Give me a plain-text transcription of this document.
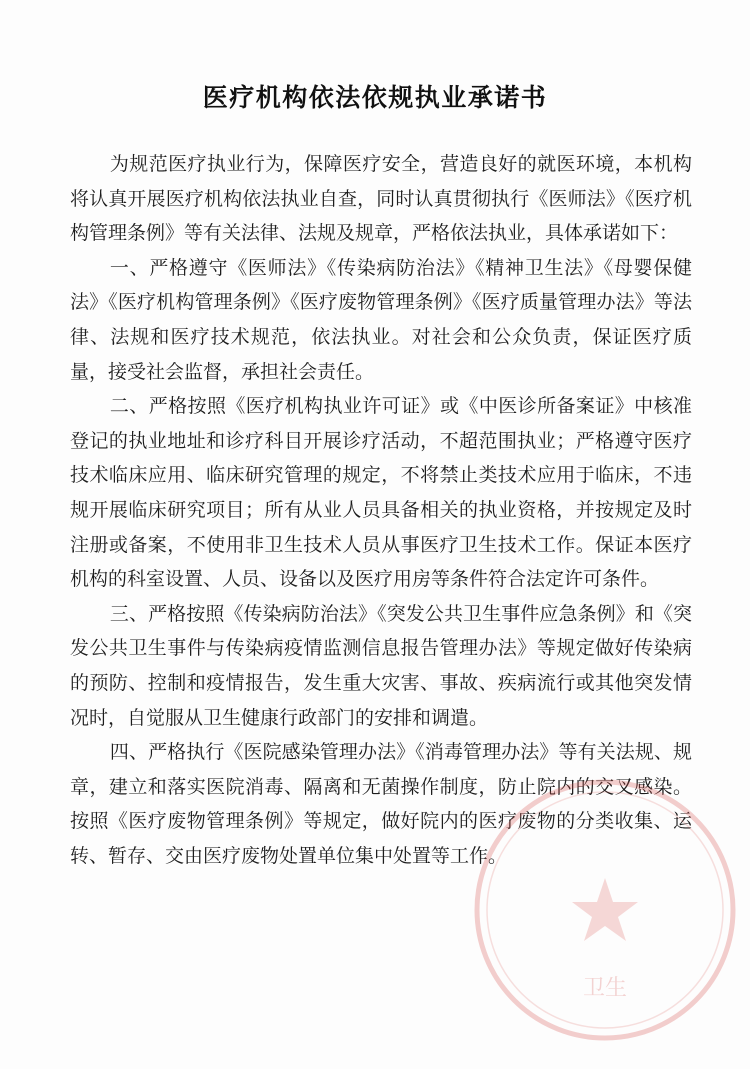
医疗机构依法依规执业承诺书

为规范医疗执业行为，保障医疗安全，营造良好的就医环境，本机构将认真开展医疗机构依法执业自查，同时认真贯彻执行《医师法》《医疗机构管理条例》等有关法律、法规及规章，严格依法执业，具体承诺如下：

一、严格遵守《医师法》《传染病防治法》《精神卫生法》《母婴保健法》《医疗机构管理条例》《医疗废物管理条例》《医疗质量管理办法》等法律、法规和医疗技术规范，依法执业。对社会和公众负责，保证医疗质量，接受社会监督，承担社会责任。

二、严格按照《医疗机构执业许可证》或《中医诊所备案证》中核准登记的执业地址和诊疗科目开展诊疗活动，不超范围执业；严格遵守医疗技术临床应用、临床研究管理的规定，不将禁止类技术应用于临床，不违规开展临床研究项目；所有从业人员具备相关的执业资格，并按规定及时注册或备案，不使用非卫生技术人员从事医疗卫生技术工作。保证本医疗机构的科室设置、人员、设备以及医疗用房等条件符合法定许可条件。

三、严格按照《传染病防治法》《突发公共卫生事件应急条例》和《突发公共卫生事件与传染病疫情监测信息报告管理办法》等规定做好传染病的预防、控制和疫情报告，发生重大灾害、事故、疾病流行或其他突发情况时，自觉服从卫生健康行政部门的安排和调遣。

四、严格执行《医院感染管理办法》《消毒管理办法》等有关法规、规章，建立和落实医院消毒、隔离和无菌操作制度，防止院内的交叉感染。按照《医疗废物管理条例》等规定，做好院内的医疗废物的分类收集、运转、暂存、交由医疗废物处置单位集中处置等工作。

卫生
